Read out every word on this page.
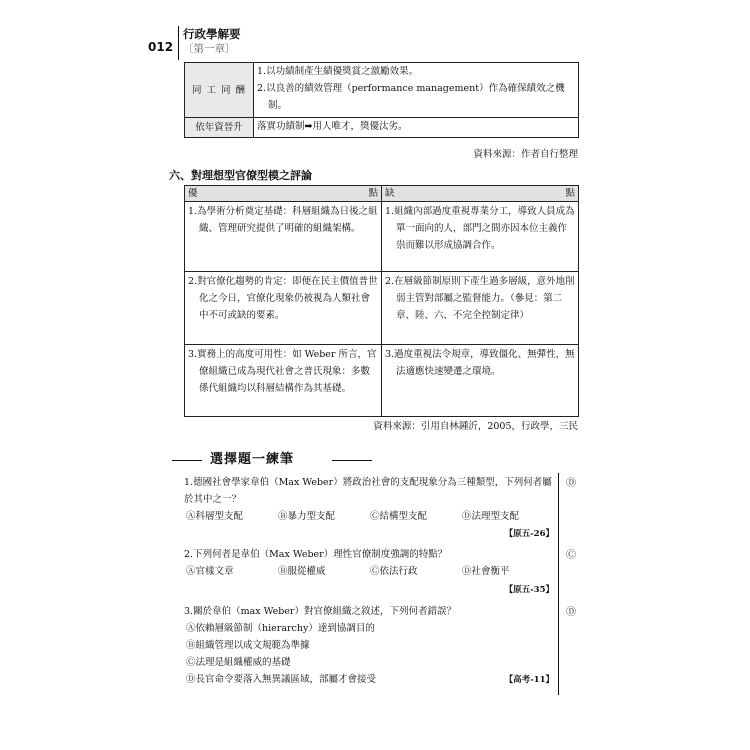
012
行政學解要
〔第一章〕
同 工 同 酬	1.以功績制產生績優獎賞之激勵效果。
2.以良善的績效管理（performance management）作為確保績效之機制。

依年資晉升	落實功績制➡用人唯才，獎優汰劣。
資料來源：作者自行整理
六、對理想型官僚型模之評論
優 點	缺 點

1.為學術分析奠定基礎：科層組織為日後之組織、管理研究提供了明確的組織架構。	1.組織內部過度重視專業分工，導致人員成為單一面向的人，部門之間亦因本位主義作祟而難以形成協調合作。

2.對官僚化趨勢的肯定：即便在民主價值普世化之今日，官僚化現象仍被視為人類社會中不可或缺的要素。	2.在層級節制原則下產生過多層級，意外地削弱主管對部屬之監督能力。（參見：第二章、陸、六、不完全控制定律）

3.實務上的高度可用性：如 Weber 所言，官僚組織已成為現代社會之普氏現象：多數係代組織均以科層結構作為其基礎。	3.過度重視法令規章，導致僵化、無彈性，無法適應快速變遷之環境。
資料來源：引用自林鍾沂，2005，行政學，三民
選擇題一練筆
1.德國社會學家韋伯（Max Weber）將政治社會的支配現象分為三種類型，下列何者屬於其中之一？
Ⓐ科層型支配	Ⓑ暴力型支配	Ⓒ結構型支配	Ⓓ法理型支配
【原五-26】
Ⓓ
2.下列何者是韋伯（Max Weber）理性官僚制度強調的特點？
Ⓐ官樣文章	Ⓑ服從權威	Ⓒ依法行政	Ⓓ社會衡平
【原五-35】
Ⓒ
3.關於韋伯（max Weber）對官僚組織之敘述，下列何者錯誤？
Ⓐ依賴層級節制（hierarchy）達到協調目的
Ⓑ組織管理以成文規範為準據
Ⓒ法理是組織權威的基礎
Ⓓ長官命令要落入無異議區域，部屬才會接受	【高考-11】
Ⓓ
